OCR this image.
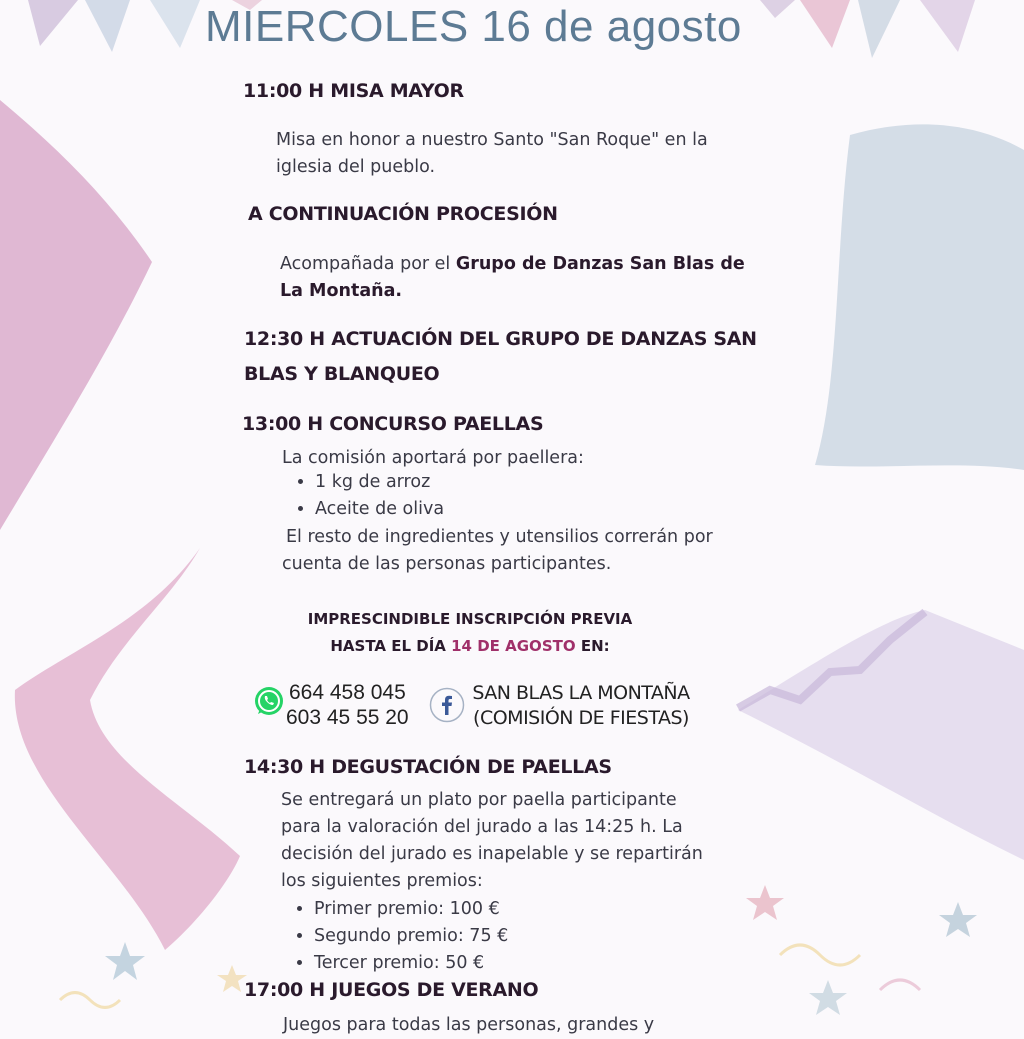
MIERCOLES 16 de agosto
11:00 H MISA MAYOR
Misa en honor a nuestro Santo "San Roque" en la
iglesia del pueblo.
A CONTINUACIÓN PROCESIÓN
Acompañada por el Grupo de Danzas San Blas de
La Montaña.
12:30 H ACTUACIÓN DEL GRUPO DE DANZAS SAN
BLAS Y BLANQUEO
13:00 H CONCURSO PAELLAS
La comisión aportará por paellera:
• 1 kg de arroz
• Aceite de oliva
El resto de ingredientes y utensilios correrán por
cuenta de las personas participantes.
IMPRESCINDIBLE INSCRIPCIÓN PREVIA
HASTA EL DÍA 14 DE AGOSTO EN:
664 458 045
603 45 55 20
SAN BLAS LA MONTAÑA
(COMISIÓN DE FIESTAS)
14:30 H DEGUSTACIÓN DE PAELLAS
Se entregará un plato por paella participante
para la valoración del jurado a las 14:25 h. La
decisión del jurado es inapelable y se repartirán
los siguientes premios:
• Primer premio: 100 €
• Segundo premio: 75 €
• Tercer premio: 50 €
17:00 H JUEGOS DE VERANO
Juegos para todas las personas, grandes y
